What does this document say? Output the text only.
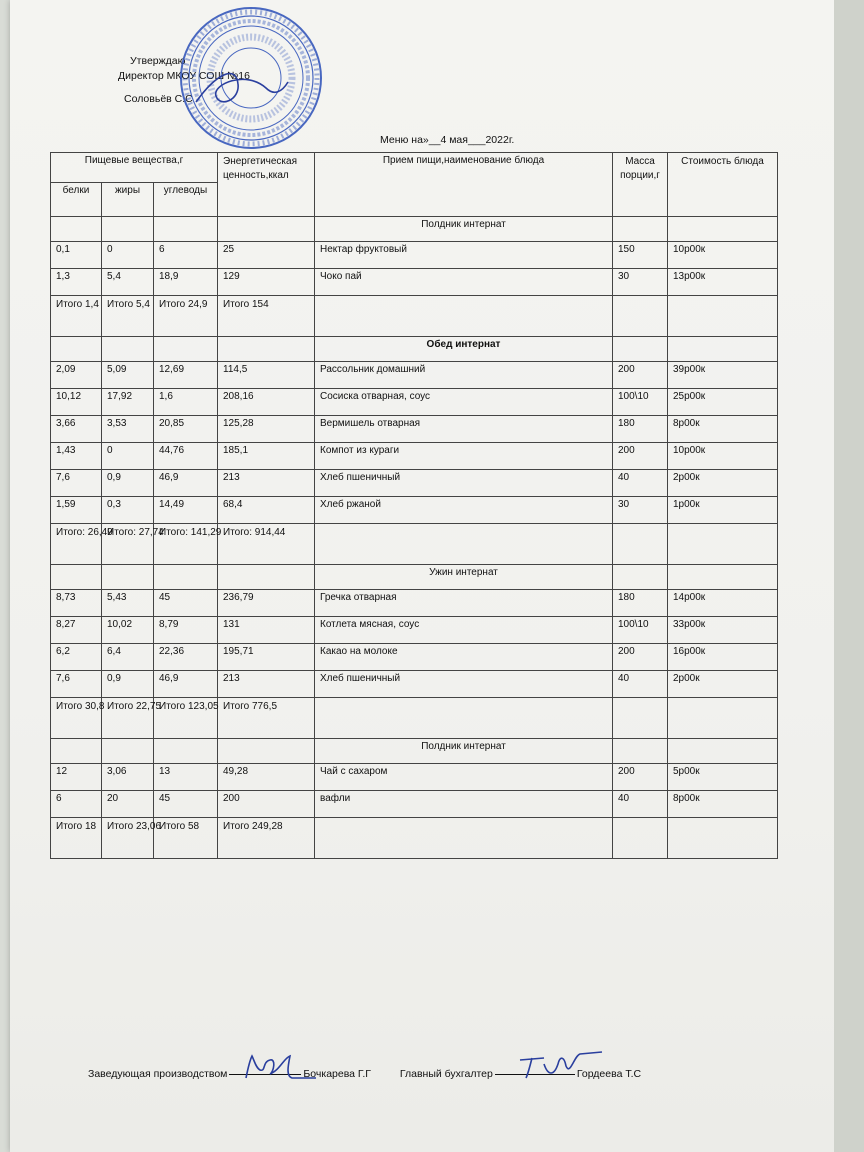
Утверждаю
Директор МКОУ СОШ №16
Соловьёв С.С
Меню на»__4 мая___2022г.
Пищевые вещества,г			Энергетическая ценность,ккал	Прием пищи,наименование блюда	Масса порции,г	Стоимость блюда
белки	жиры	углеводы				
				Полдник интернат		
0,1	0	6	25	Нектар фруктовый	150	10р00к
1,3	5,4	18,9	129	Чоко пай	30	13р00к
Итого 1,4	Итого 5,4	Итого 24,9	Итого 154			
				Обед интернат		
2,09	5,09	12,69	114,5	Рассольник домашний	200	39р00к
10,12	17,92	1,6	208,16	Сосиска отварная, соус	100\10	25р00к
3,66	3,53	20,85	125,28	Вермишель отварная	180	8р00к
1,43	0	44,76	185,1	Компот из кураги	200	10р00к
7,6	0,9	46,9	213	Хлеб пшеничный	40	2р00к
1,59	0,3	14,49	68,4	Хлеб ржаной	30	1р00к
Итого: 26,49	Итого: 27,74	Итого: 141,29	Итого: 914,44			
				Ужин интернат		
8,73	5,43	45	236,79	Гречка отварная	180	14р00к
8,27	10,02	8,79	131	Котлета мясная, соус	100\10	33р00к
6,2	6,4	22,36	195,71	Какао на молоке	200	16р00к
7,6	0,9	46,9	213	Хлеб пшеничный	40	2р00к
Итого 30,8	Итого 22,75	Итого 123,05	Итого 776,5			
				Полдник интернат		
12	3,06	13	49,28	Чай с сахаром	200	5р00к
6	20	45	200	вафли	40	8р00к
Итого 18	Итого 23,06	Итого 58	Итого 249,28			
Заведующая производством	Бочкарева Г.Г	Главный бухгалтер	Гордеева Т.С
